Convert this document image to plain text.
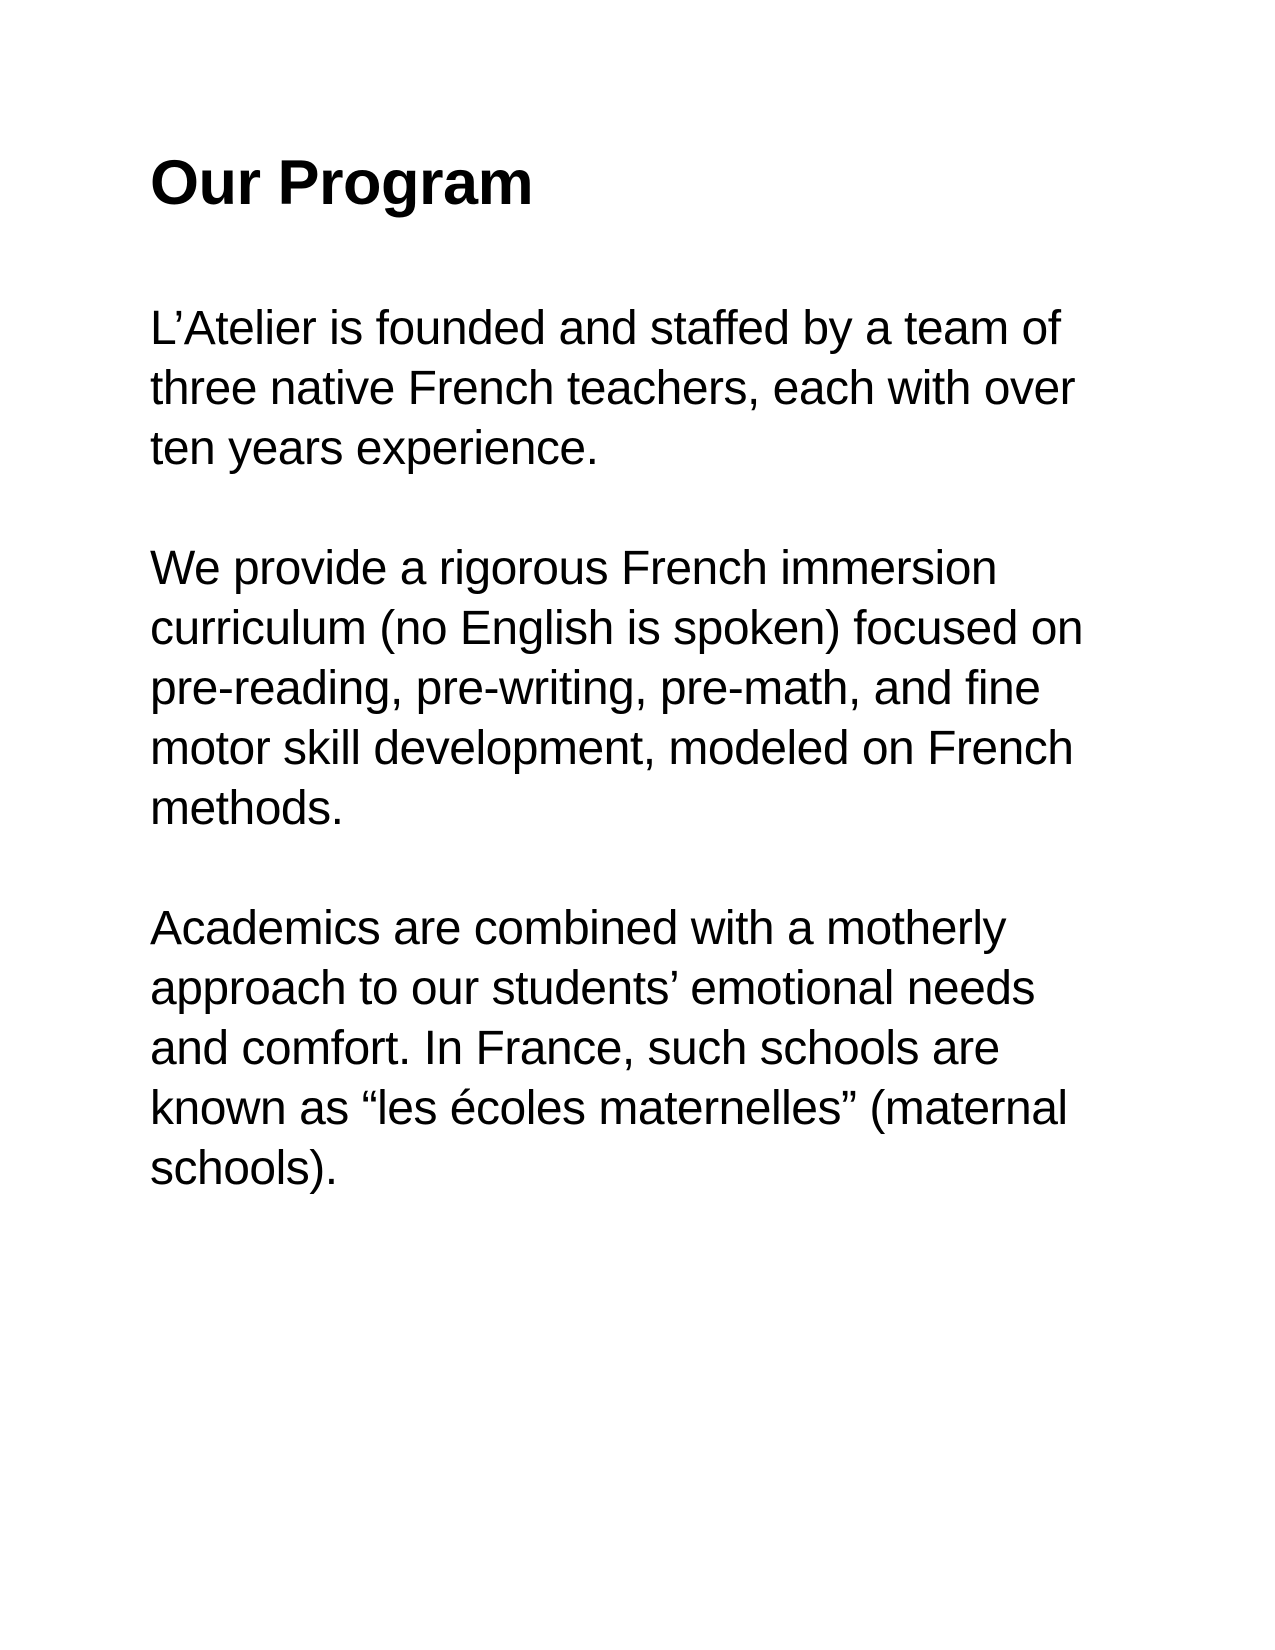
Our Program

L’Atelier is founded and staffed by a team of
three native French teachers, each with over
ten years experience.

We provide a rigorous French immersion
curriculum (no English is spoken) focused on
pre-reading, pre-writing, pre-math, and fine
motor skill development, modeled on French
methods.

Academics are combined with a motherly
approach to our students’ emotional needs
and comfort. In France, such schools are
known as “les écoles maternelles” (maternal
schools).
